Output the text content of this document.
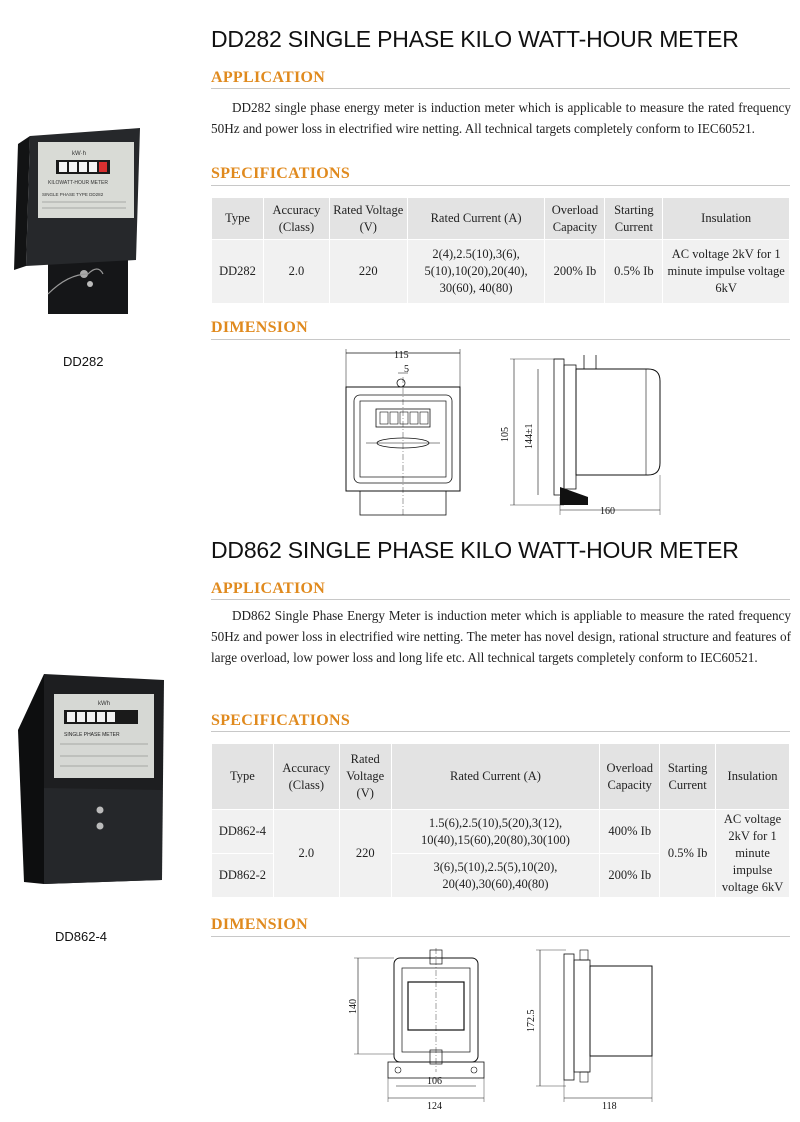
DD282 SINGLE PHASE KILO WATT-HOUR METER
APPLICATION

DD282 single phase energy meter is induction meter which is applicable to measure the rated frequency 50Hz and power loss in electrified wire netting. All technical targets completely conform to IEC60521.

SPECIFICATIONS
Type	Accuracy (Class)	Rated Voltage (V)	Rated Current (A)	Overload Capacity	Starting Current	Insulation
DD282	2.0	220	2(4),2.5(10),3(6), 5(10),10(20),20(40), 30(60), 40(80)	200% Ib	0.5% Ib	AC voltage 2kV for 1 minute impulse voltage 6kV
DIMENSION
kW·h
KILOWATT-HOUR METER
SINGLE PHASE TYPE DD282
DD282	115
5
105 144±1
160
DD862 SINGLE PHASE KILO WATT-HOUR METER
APPLICATION

DD862 Single Phase Energy Meter is induction meter which is appliable to measure the rated frequency 50Hz and power loss in electrified wire netting. The meter has novel design, rational structure and features of large overload, low power loss and long life etc. All technical targets completely conform to IEC60521.

SPECIFICATIONS
Type	Accuracy (Class)	Rated Voltage (V)	Rated Current (A)	Overload Capacity	Starting Current	Insulation
DD862-4	2.0	220	1.5(6),2.5(10),5(20),3(12), 10(40),15(60),20(80),30(100)	400% Ib	0.5% Ib	AC voltage 2kV for 1 minute impulse voltage 6kV
DD862-2			3(6),5(10),2.5(5),10(20), 20(40),30(60),40(80)	200% Ib		
DIMENSION
kWh
SINGLE PHASE METER
DD862-4
140
106
124
172.5
118
